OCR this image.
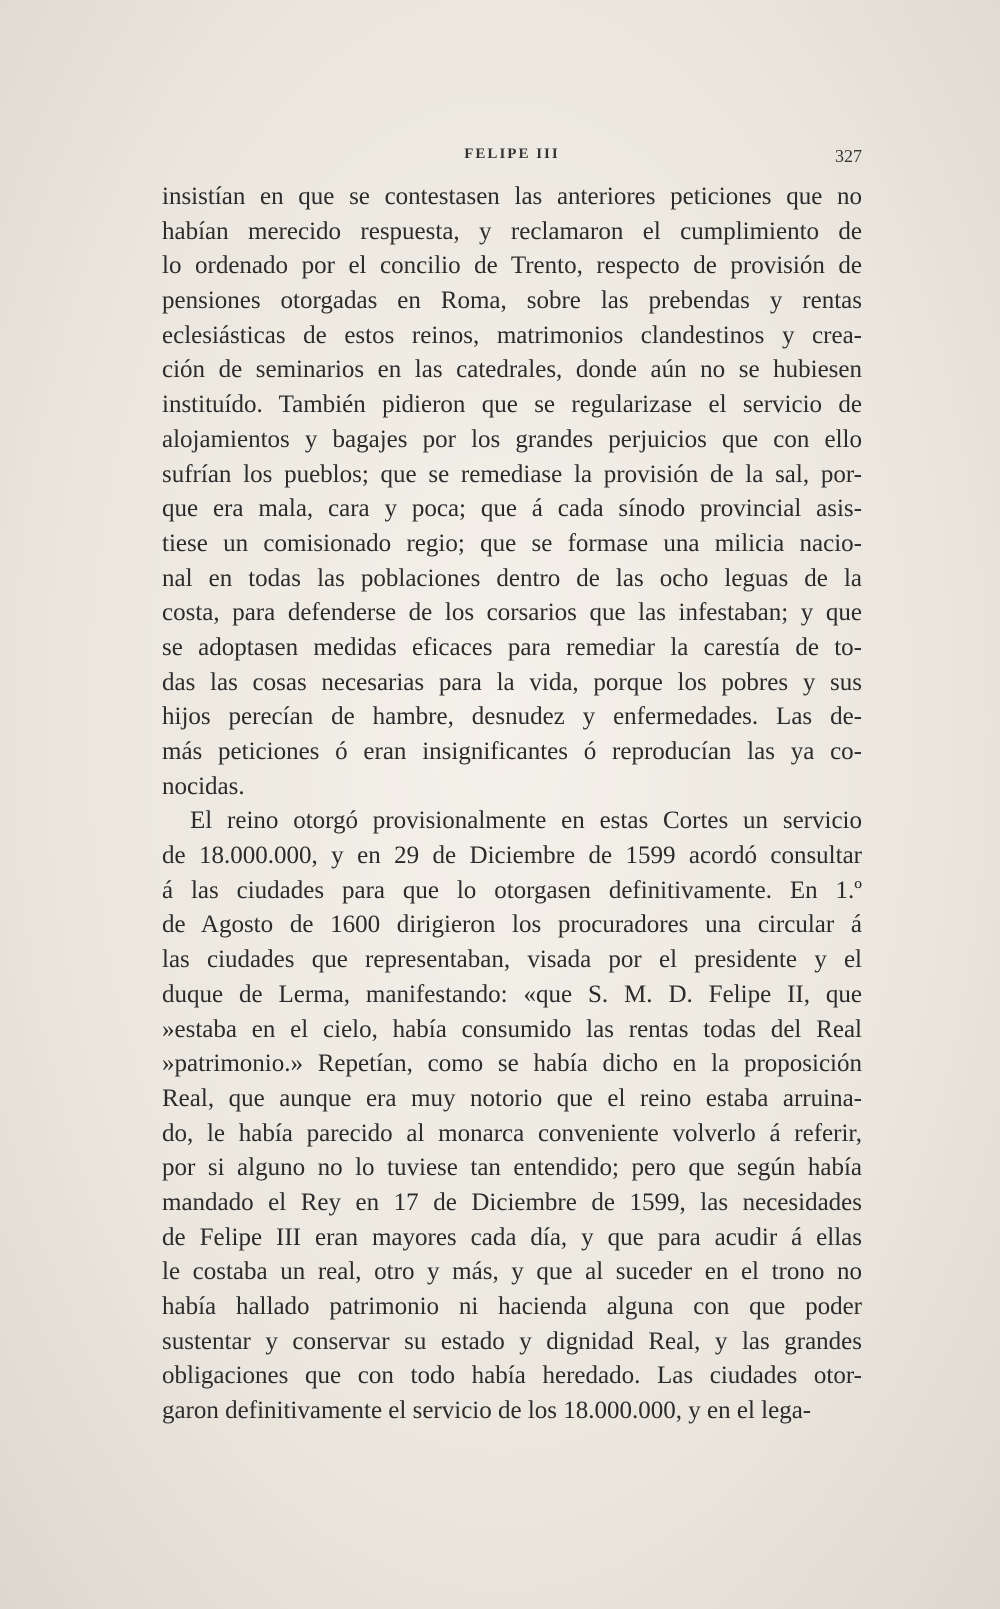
FELIPE III	327
insistían en que se contestasen las anteriores peticiones que no
habían merecido respuesta, y reclamaron el cumplimiento de
lo ordenado por el concilio de Trento, respecto de provisión de
pensiones otorgadas en Roma, sobre las prebendas y rentas
eclesiásticas de estos reinos, matrimonios clandestinos y crea-
ción de seminarios en las catedrales, donde aún no se hubiesen
instituído. También pidieron que se regularizase el servicio de
alojamientos y bagajes por los grandes perjuicios que con ello
sufrían los pueblos; que se remediase la provisión de la sal, por-
que era mala, cara y poca; que á cada sínodo provincial asis-
tiese un comisionado regio; que se formase una milicia nacio-
nal en todas las poblaciones dentro de las ocho leguas de la
costa, para defenderse de los corsarios que las infestaban; y que
se adoptasen medidas eficaces para remediar la carestía de to-
das las cosas necesarias para la vida, porque los pobres y sus
hijos perecían de hambre, desnudez y enfermedades. Las de-
más peticiones ó eran insignificantes ó reproducían las ya co-
nocidas.
El reino otorgó provisionalmente en estas Cortes un servicio
de 18.000.000, y en 29 de Diciembre de 1599 acordó consultar
á las ciudades para que lo otorgasen definitivamente. En 1.º
de Agosto de 1600 dirigieron los procuradores una circular á
las ciudades que representaban, visada por el presidente y el
duque de Lerma, manifestando: «que S. M. D. Felipe II, que
»estaba en el cielo, había consumido las rentas todas del Real
»patrimonio.» Repetían, como se había dicho en la proposición
Real, que aunque era muy notorio que el reino estaba arruina-
do, le había parecido al monarca conveniente volverlo á referir,
por si alguno no lo tuviese tan entendido; pero que según había
mandado el Rey en 17 de Diciembre de 1599, las necesidades
de Felipe III eran mayores cada día, y que para acudir á ellas
le costaba un real, otro y más, y que al suceder en el trono no
había hallado patrimonio ni hacienda alguna con que poder
sustentar y conservar su estado y dignidad Real, y las grandes
obligaciones que con todo había heredado. Las ciudades otor-
garon definitivamente el servicio de los 18.000.000, y en el lega-
